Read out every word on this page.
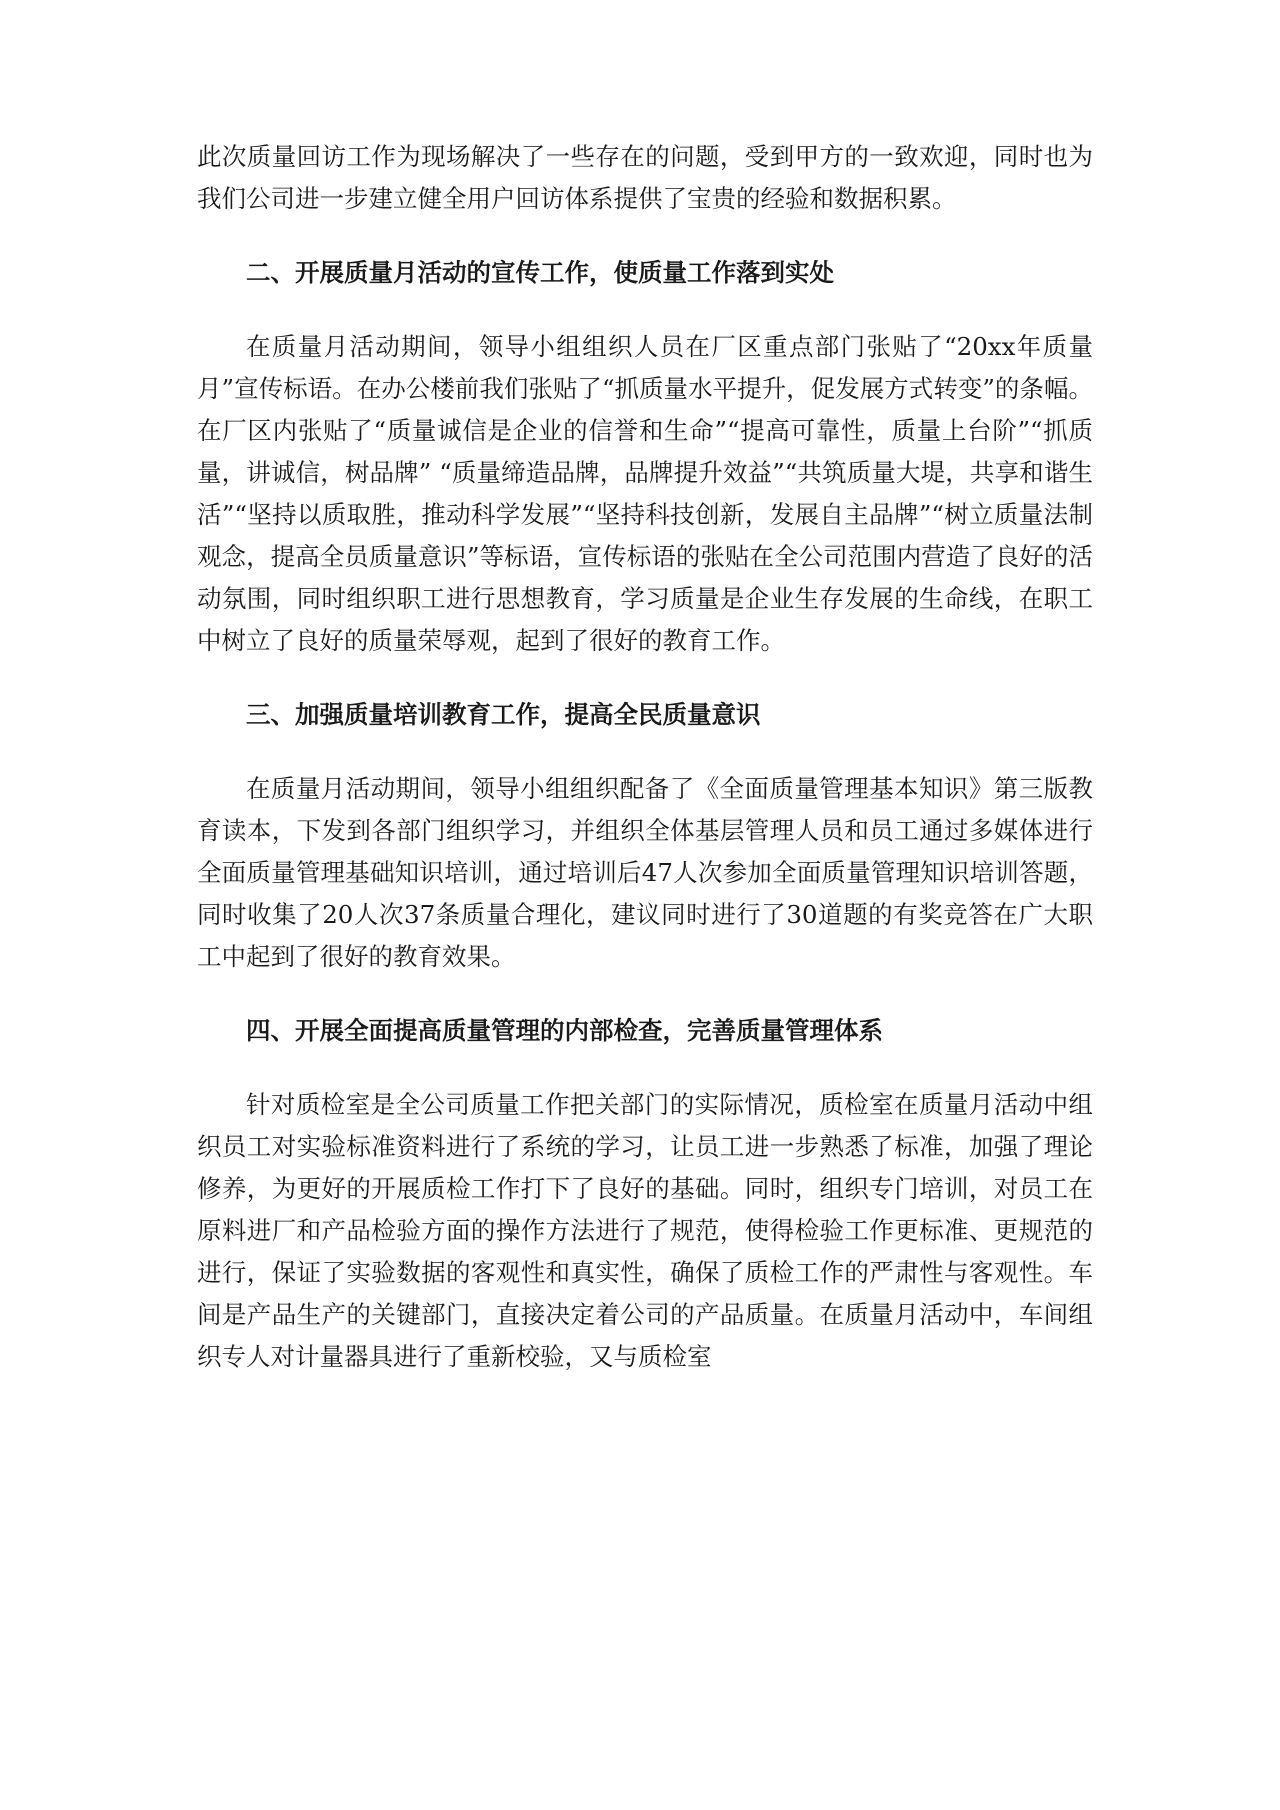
此次质量回访工作为现场解决了一些存在的问题，受到甲方的一致欢迎，同时也为我们公司进一步建立健全用户回访体系提供了宝贵的经验和数据积累。

二、开展质量月活动的宣传工作，使质量工作落到实处

在质量月活动期间，领导小组组织人员在厂区重点部门张贴了“20xx年质量月”宣传标语。在办公楼前我们张贴了“抓质量水平提升，促发展方式转变”的条幅。在厂区内张贴了“质量诚信是企业的信誉和生命”“提高可靠性，质量上台阶”“抓质量，讲诚信，树品牌” “质量缔造品牌，品牌提升效益”“共筑质量大堤，共享和谐生活”“坚持以质取胜，推动科学发展”“坚持科技创新，发展自主品牌”“树立质量法制观念，提高全员质量意识”等标语，宣传标语的张贴在全公司范围内营造了良好的活动氛围，同时组织职工进行思想教育，学习质量是企业生存发展的生命线，在职工中树立了良好的质量荣辱观，起到了很好的教育工作。

三、加强质量培训教育工作，提高全民质量意识

在质量月活动期间，领导小组组织配备了《全面质量管理基本知识》第三版教育读本，下发到各部门组织学习，并组织全体基层管理人员和员工通过多媒体进行全面质量管理基础知识培训，通过培训后47人次参加全面质量管理知识培训答题，同时收集了20人次37条质量合理化，建议同时进行了30道题的有奖竞答在广大职工中起到了很好的教育效果。

四、开展全面提高质量管理的内部检查，完善质量管理体系

针对质检室是全公司质量工作把关部门的实际情况，质检室在质量月活动中组织员工对实验标准资料进行了系统的学习，让员工进一步熟悉了标准，加强了理论修养，为更好的开展质检工作打下了良好的基础。同时，组织专门培训，对员工在原料进厂和产品检验方面的操作方法进行了规范，使得检验工作更标准、更规范的进行，保证了实验数据的客观性和真实性，确保了质检工作的严肃性与客观性。车间是产品生产的关键部门，直接决定着公司的产品质量。在质量月活动中，车间组织专人对计量器具进行了重新校验，又与质检室
